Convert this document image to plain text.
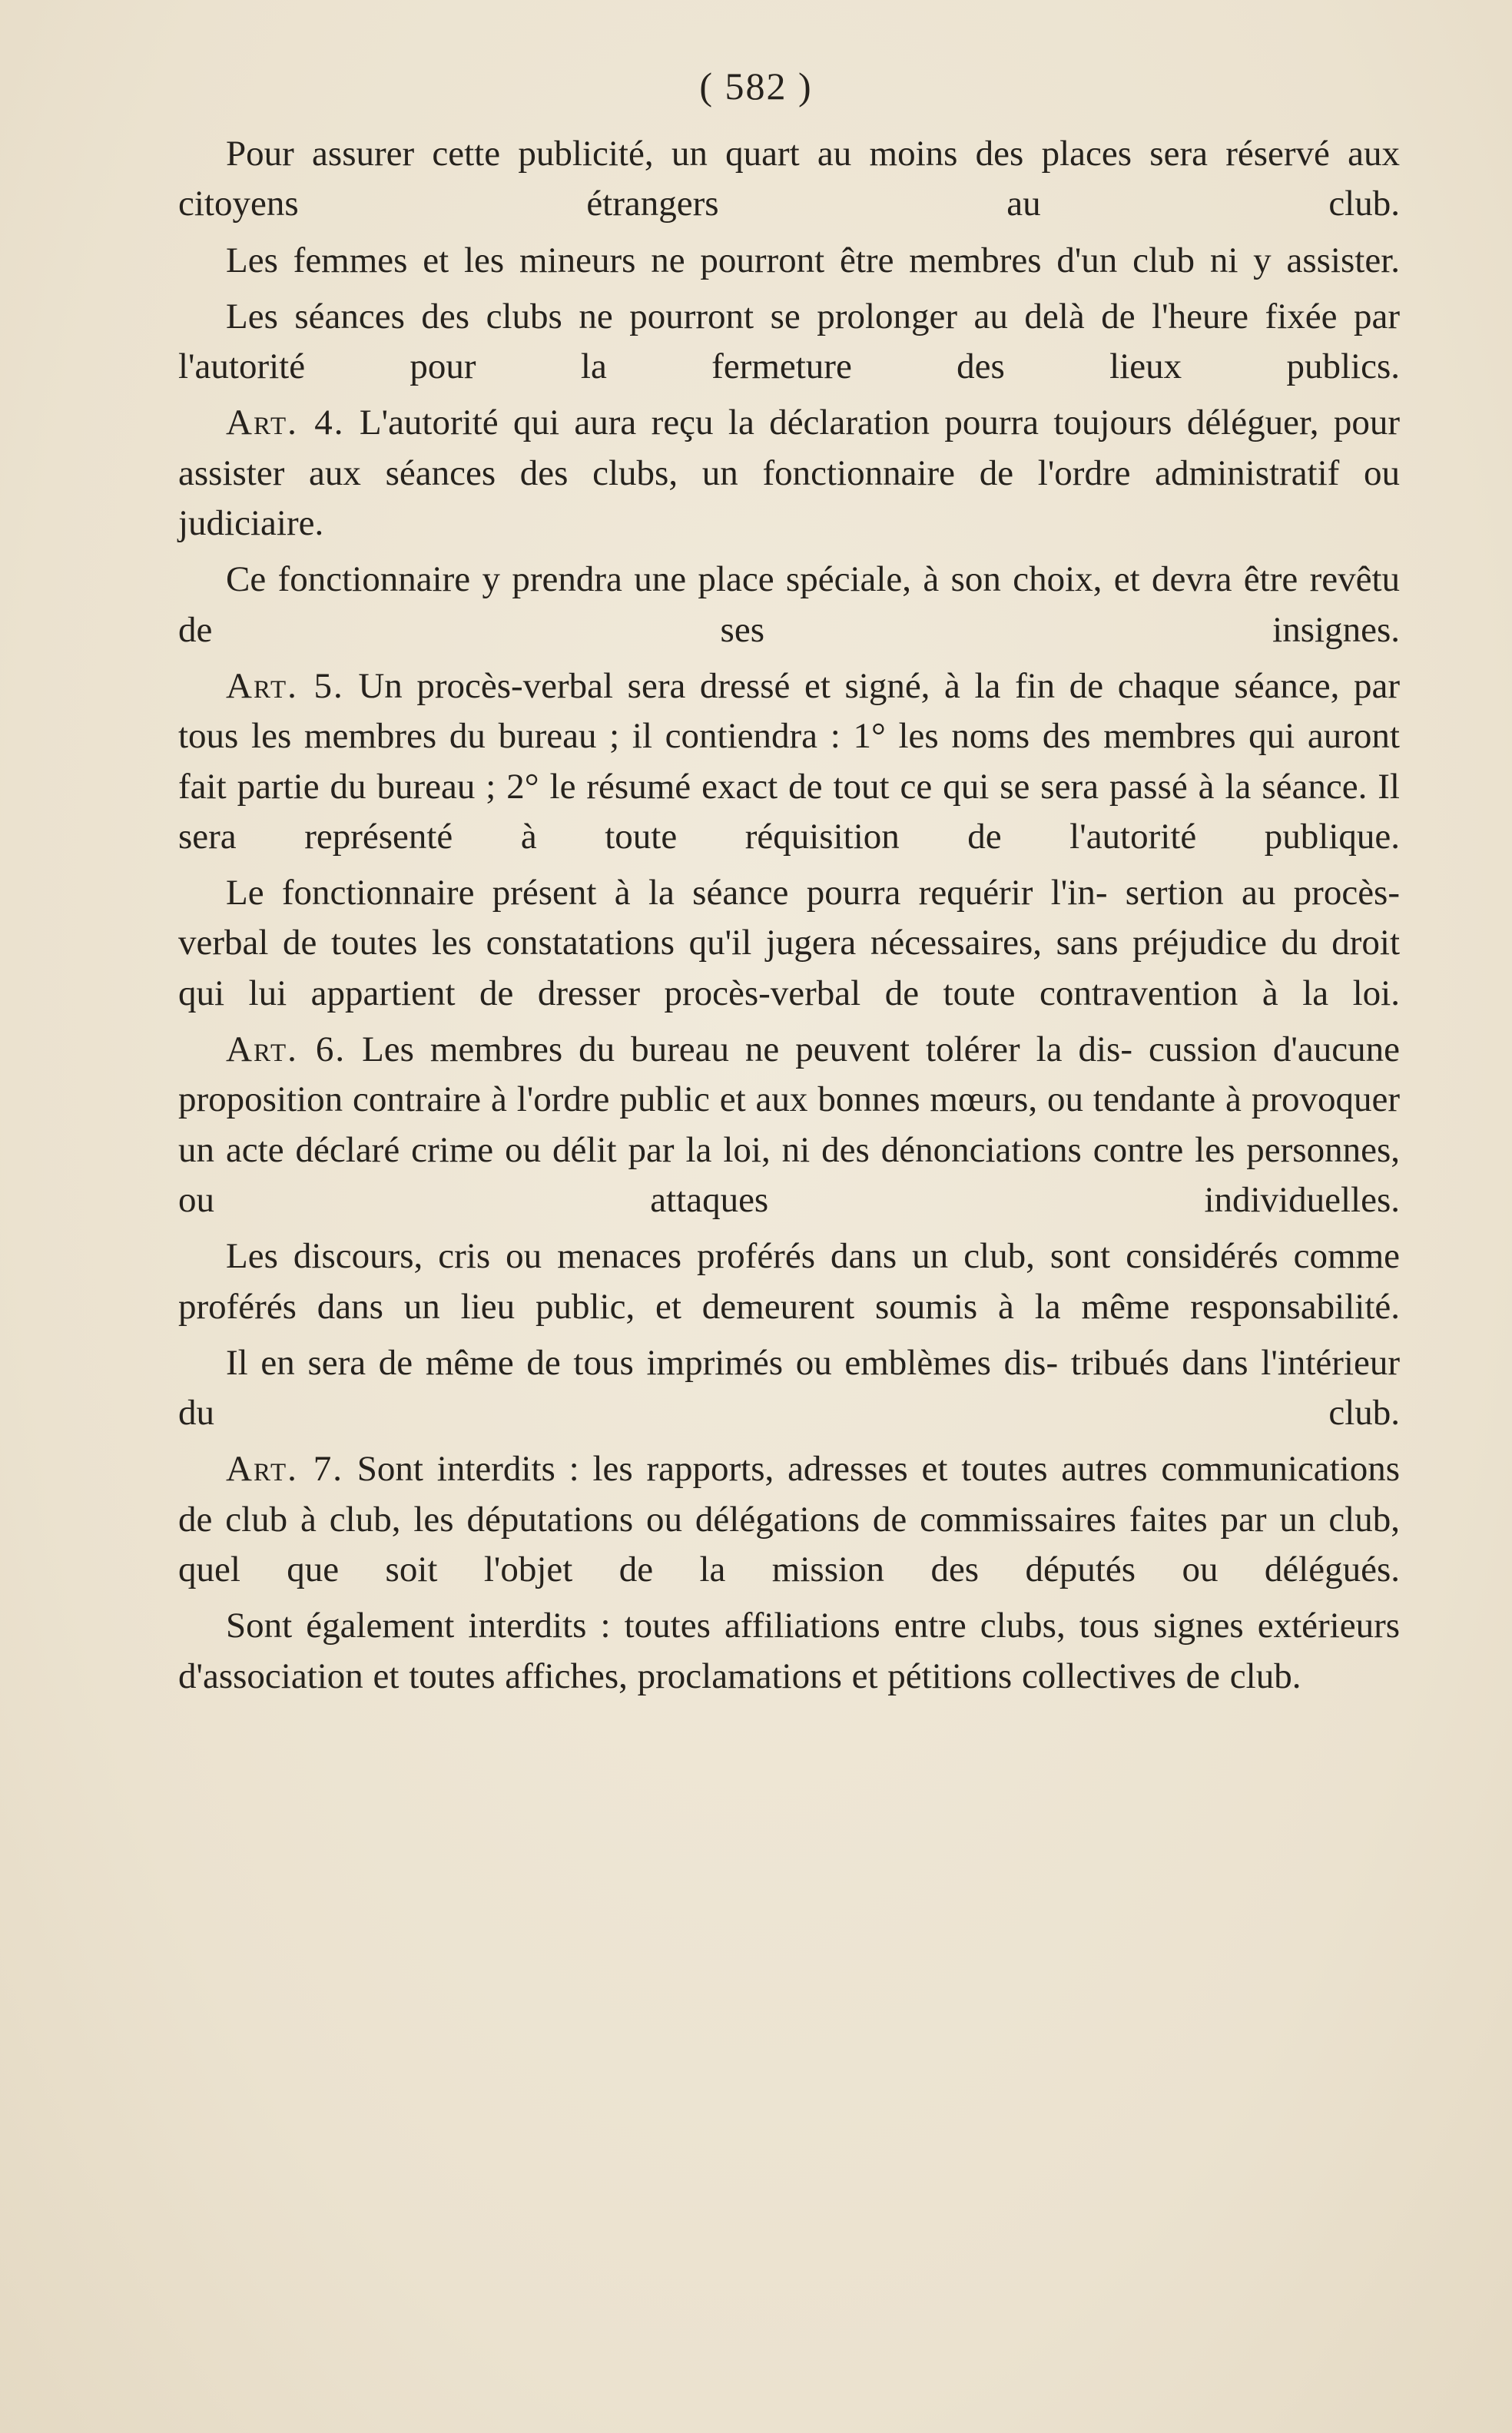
( 582 )

Pour assurer cette publicité, un quart au moins des places sera réservé aux citoyens étrangers au club.

Les femmes et les mineurs ne pourront être membres d'un club ni y assister.

Les séances des clubs ne pourront se prolonger au delà de l'heure fixée par l'autorité pour la fermeture des lieux publics.

Art. 4. L'autorité qui aura reçu la déclaration pourra toujours déléguer, pour assister aux séances des clubs, un fonctionnaire de l'ordre administratif ou judiciaire.

Ce fonctionnaire y prendra une place spéciale, à son choix, et devra être revêtu de ses insignes.

Art. 5. Un procès-verbal sera dressé et signé, à la fin de chaque séance, par tous les membres du bureau ; il contiendra : 1° les noms des membres qui auront fait partie du bureau ; 2° le résumé exact de tout ce qui se sera passé à la séance. Il sera représenté à toute réquisition de l'autorité publique.

Le fonctionnaire présent à la séance pourra requérir l'in- sertion au procès-verbal de toutes les constatations qu'il jugera nécessaires, sans préjudice du droit qui lui appartient de dresser procès-verbal de toute contravention à la loi.

Art. 6. Les membres du bureau ne peuvent tolérer la dis- cussion d'aucune proposition contraire à l'ordre public et aux bonnes mœurs, ou tendante à provoquer un acte déclaré crime ou délit par la loi, ni des dénonciations contre les personnes, ou attaques individuelles.

Les discours, cris ou menaces proférés dans un club, sont considérés comme proférés dans un lieu public, et demeurent soumis à la même responsabilité.

Il en sera de même de tous imprimés ou emblèmes dis- tribués dans l'intérieur du club.

Art. 7. Sont interdits : les rapports, adresses et toutes autres communications de club à club, les députations ou délégations de commissaires faites par un club, quel que soit l'objet de la mission des députés ou délégués.

Sont également interdits : toutes affiliations entre clubs, tous signes extérieurs d'association et toutes affiches, proclamations et pétitions collectives de club.
